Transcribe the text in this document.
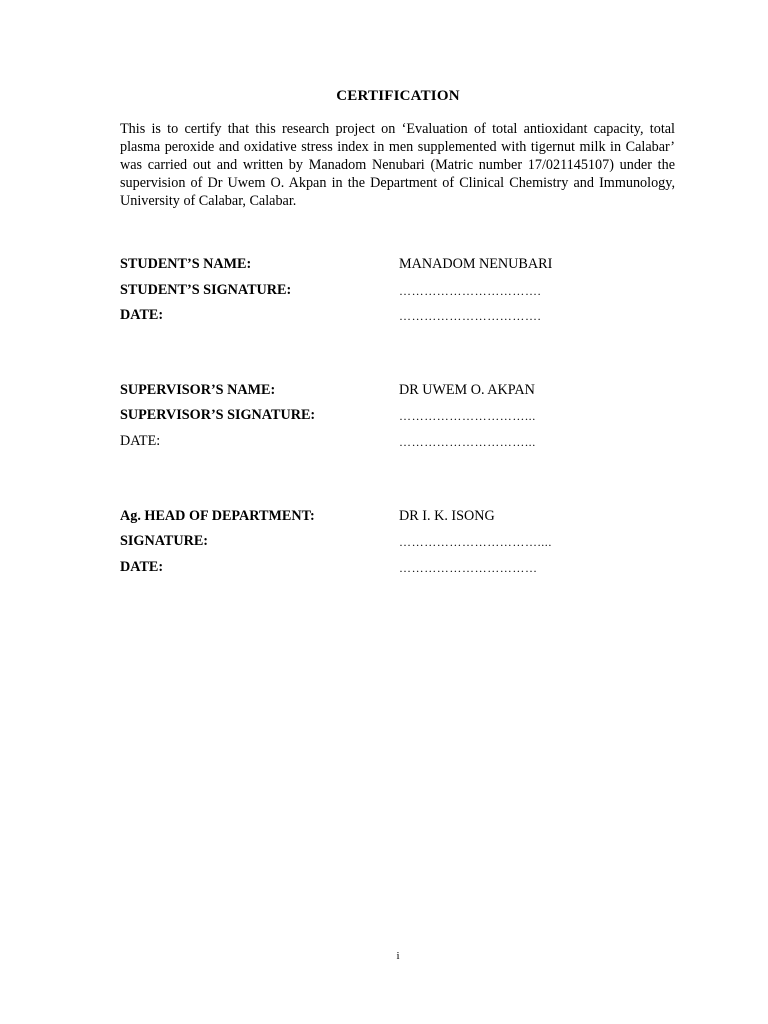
CERTIFICATION

This is to certify that this research project on ‘Evaluation of total antioxidant capacity, total plasma peroxide and oxidative stress index in men supplemented with tigernut milk in Calabar’ was carried out and written by Manadom Nenubari (Matric number 17/021145107) under the supervision of Dr Uwem O. Akpan in the Department of Clinical Chemistry and Immunology, University of Calabar, Calabar.

STUDENT’S NAME:	MANADOM NENUBARI
STUDENT’S SIGNATURE:	…………………………….
DATE:	…………………………….
SUPERVISOR’S NAME:	DR UWEM O. AKPAN
SUPERVISOR’S SIGNATURE:	…………………………...
DATE:	…………………………...
Ag. HEAD OF DEPARTMENT:	DR I. K. ISONG
SIGNATURE:	……………………………....
DATE:	……………………………
i
